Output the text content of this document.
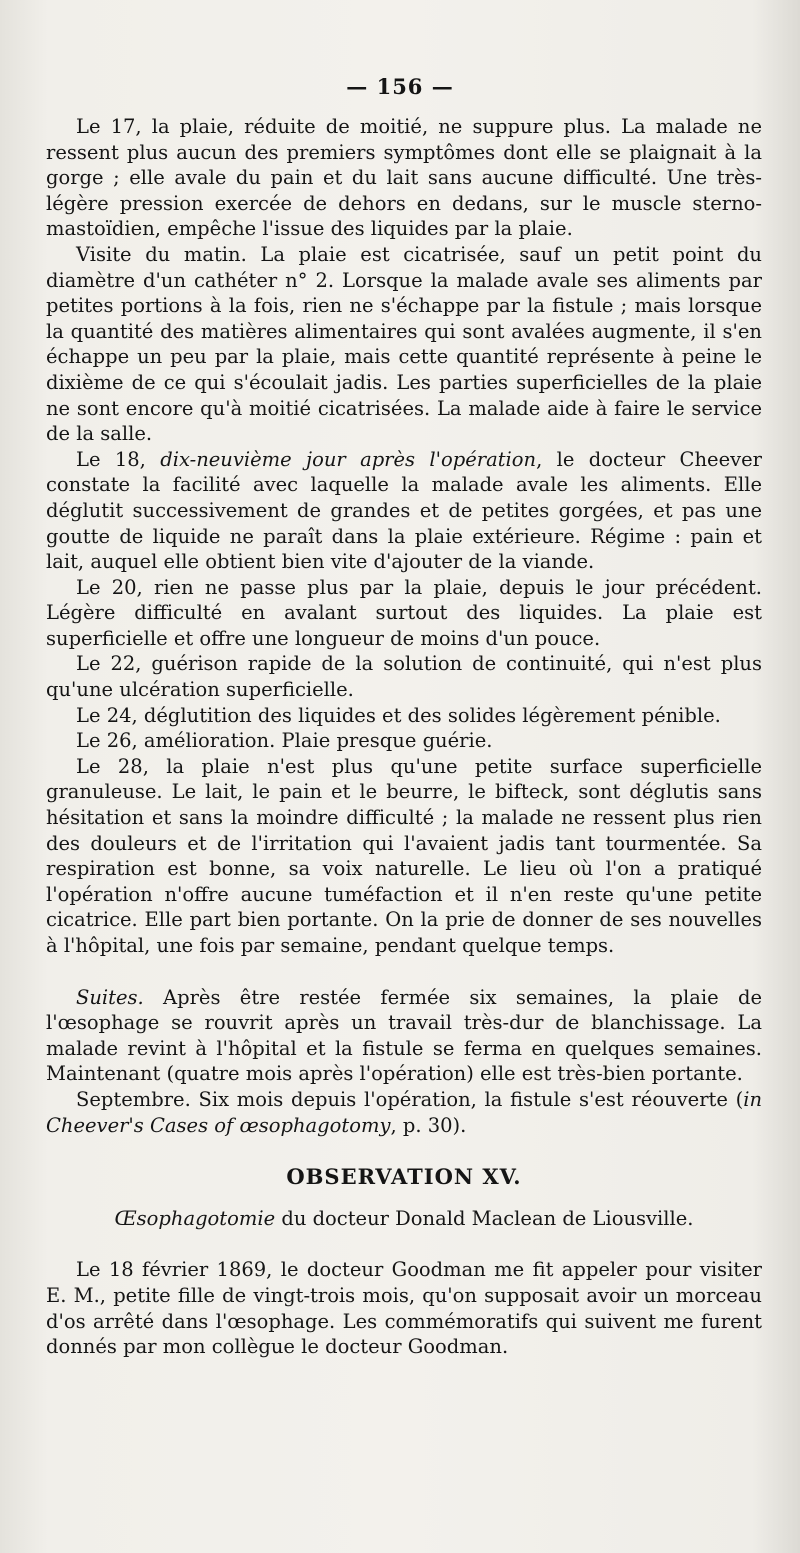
— 156 —

Le 17, la plaie, réduite de moitié, ne suppure plus. La malade ne ressent plus aucun des premiers symptômes dont elle se plaignait à la gorge ; elle avale du pain et du lait sans aucune difficulté. Une très-légère pression exercée de dehors en dedans, sur le muscle sterno-mastoïdien, empêche l'issue des liquides par la plaie.

Visite du matin. La plaie est cicatrisée, sauf un petit point du diamètre d'un cathéter n° 2. Lorsque la malade avale ses aliments par petites portions à la fois, rien ne s'échappe par la fistule ; mais lorsque la quantité des matières alimentaires qui sont avalées augmente, il s'en échappe un peu par la plaie, mais cette quantité représente à peine le dixième de ce qui s'écoulait jadis. Les parties superficielles de la plaie ne sont encore qu'à moitié cicatrisées. La malade aide à faire le service de la salle.

Le 18, dix-neuvième jour après l'opération, le docteur Cheever constate la facilité avec laquelle la malade avale les aliments. Elle déglutit successivement de grandes et de petites gorgées, et pas une goutte de liquide ne paraît dans la plaie extérieure. Régime : pain et lait, auquel elle obtient bien vite d'ajouter de la viande.

Le 20, rien ne passe plus par la plaie, depuis le jour précédent. Légère difficulté en avalant surtout des liquides. La plaie est superficielle et offre une longueur de moins d'un pouce.

Le 22, guérison rapide de la solution de continuité, qui n'est plus qu'une ulcération superficielle.

Le 24, déglutition des liquides et des solides légèrement pénible.

Le 26, amélioration. Plaie presque guérie.

Le 28, la plaie n'est plus qu'une petite surface superficielle granuleuse. Le lait, le pain et le beurre, le bifteck, sont déglutis sans hésitation et sans la moindre difficulté ; la malade ne ressent plus rien des douleurs et de l'irritation qui l'avaient jadis tant tourmentée. Sa respiration est bonne, sa voix naturelle. Le lieu où l'on a pratiqué l'opération n'offre aucune tuméfaction et il n'en reste qu'une petite cicatrice. Elle part bien portante. On la prie de donner de ses nouvelles à l'hôpital, une fois par semaine, pendant quelque temps.

Suites. Après être restée fermée six semaines, la plaie de l'œsophage se rouvrit après un travail très-dur de blanchissage. La malade revint à l'hôpital et la fistule se ferma en quelques semaines. Maintenant (quatre mois après l'opération) elle est très-bien portante.

Septembre. Six mois depuis l'opération, la fistule s'est réouverte (in Cheever's Cases of œsophagotomy, p. 30).

OBSERVATION XV.

Œsophagotomie du docteur Donald Maclean de Liousville.

Le 18 février 1869, le docteur Goodman me fit appeler pour visiter E. M., petite fille de vingt-trois mois, qu'on supposait avoir un morceau d'os arrêté dans l'œsophage. Les commémoratifs qui suivent me furent donnés par mon collègue le docteur Goodman.
